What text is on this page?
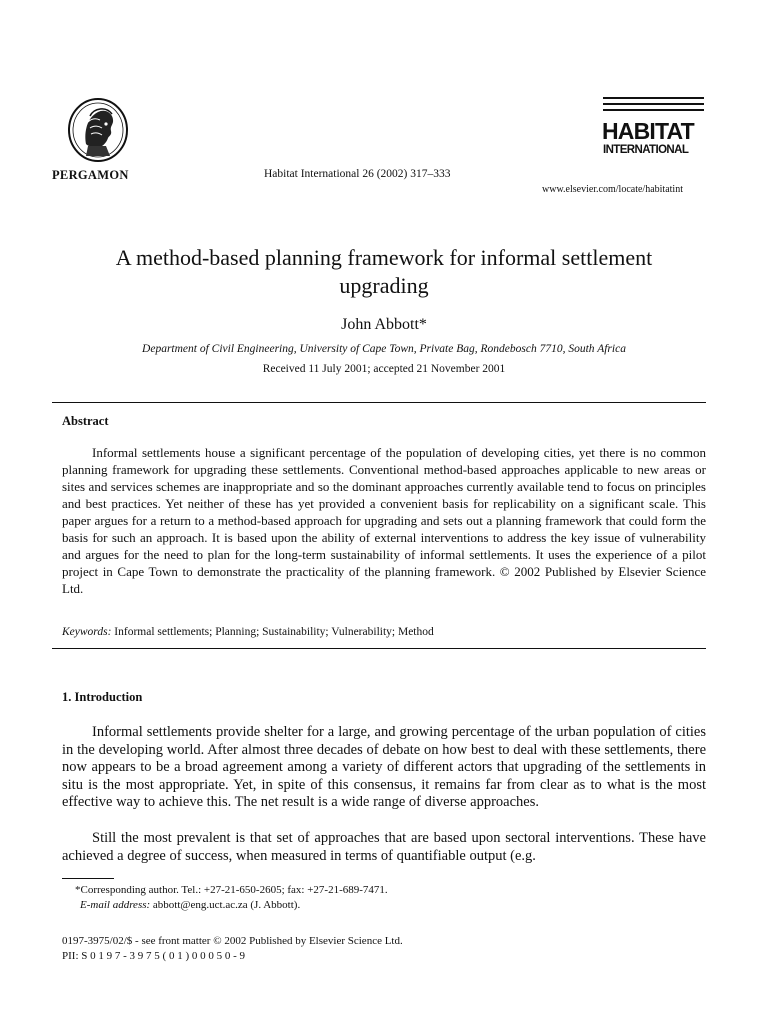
PERGAMON	Habitat International 26 (2002) 317–333
HABITAT
INTERNATIONAL
www.elsevier.com/locate/habitatint
A method-based planning framework for informal settlement
upgrading
John Abbott*
Department of Civil Engineering, University of Cape Town, Private Bag, Rondebosch 7710, South Africa
Received 11 July 2001; accepted 21 November 2001
Abstract

Informal settlements house a significant percentage of the population of developing cities, yet there is no common planning framework for upgrading these settlements. Conventional method-based approaches applicable to new areas or sites and services schemes are inappropriate and so the dominant approaches currently available tend to focus on principles and best practices. Yet neither of these has yet provided a convenient basis for replicability on a significant scale. This paper argues for a return to a method-based approach for upgrading and sets out a planning framework that could form the basis for such an approach. It is based upon the ability of external interventions to address the key issue of vulnerability and argues for the need to plan for the long-term sustainability of informal settlements. It uses the experience of a pilot project in Cape Town to demonstrate the practicality of the planning framework. © 2002 Published by Elsevier Science Ltd.

Keywords: Informal settlements; Planning; Sustainability; Vulnerability; Method
1. Introduction

Informal settlements provide shelter for a large, and growing percentage of the urban population of cities in the developing world. After almost three decades of debate on how best to deal with these settlements, there now appears to be a broad agreement among a variety of different actors that upgrading of the settlements in situ is the most appropriate. Yet, in spite of this consensus, it remains far from clear as to what is the most effective way to achieve this. The net result is a wide range of diverse approaches.

Still the most prevalent is that set of approaches that are based upon sectoral interventions. These have achieved a degree of success, when measured in terms of quantifiable output (e.g.

*Corresponding author. Tel.: +27-21-650-2605; fax: +27-21-689-7471.
E-mail address: abbott@eng.uct.ac.za (J. Abbott).
0197-3975/02/$ - see front matter © 2002 Published by Elsevier Science Ltd.
PII: S 0 1 9 7 - 3 9 7 5 ( 0 1 ) 0 0 0 5 0 - 9
